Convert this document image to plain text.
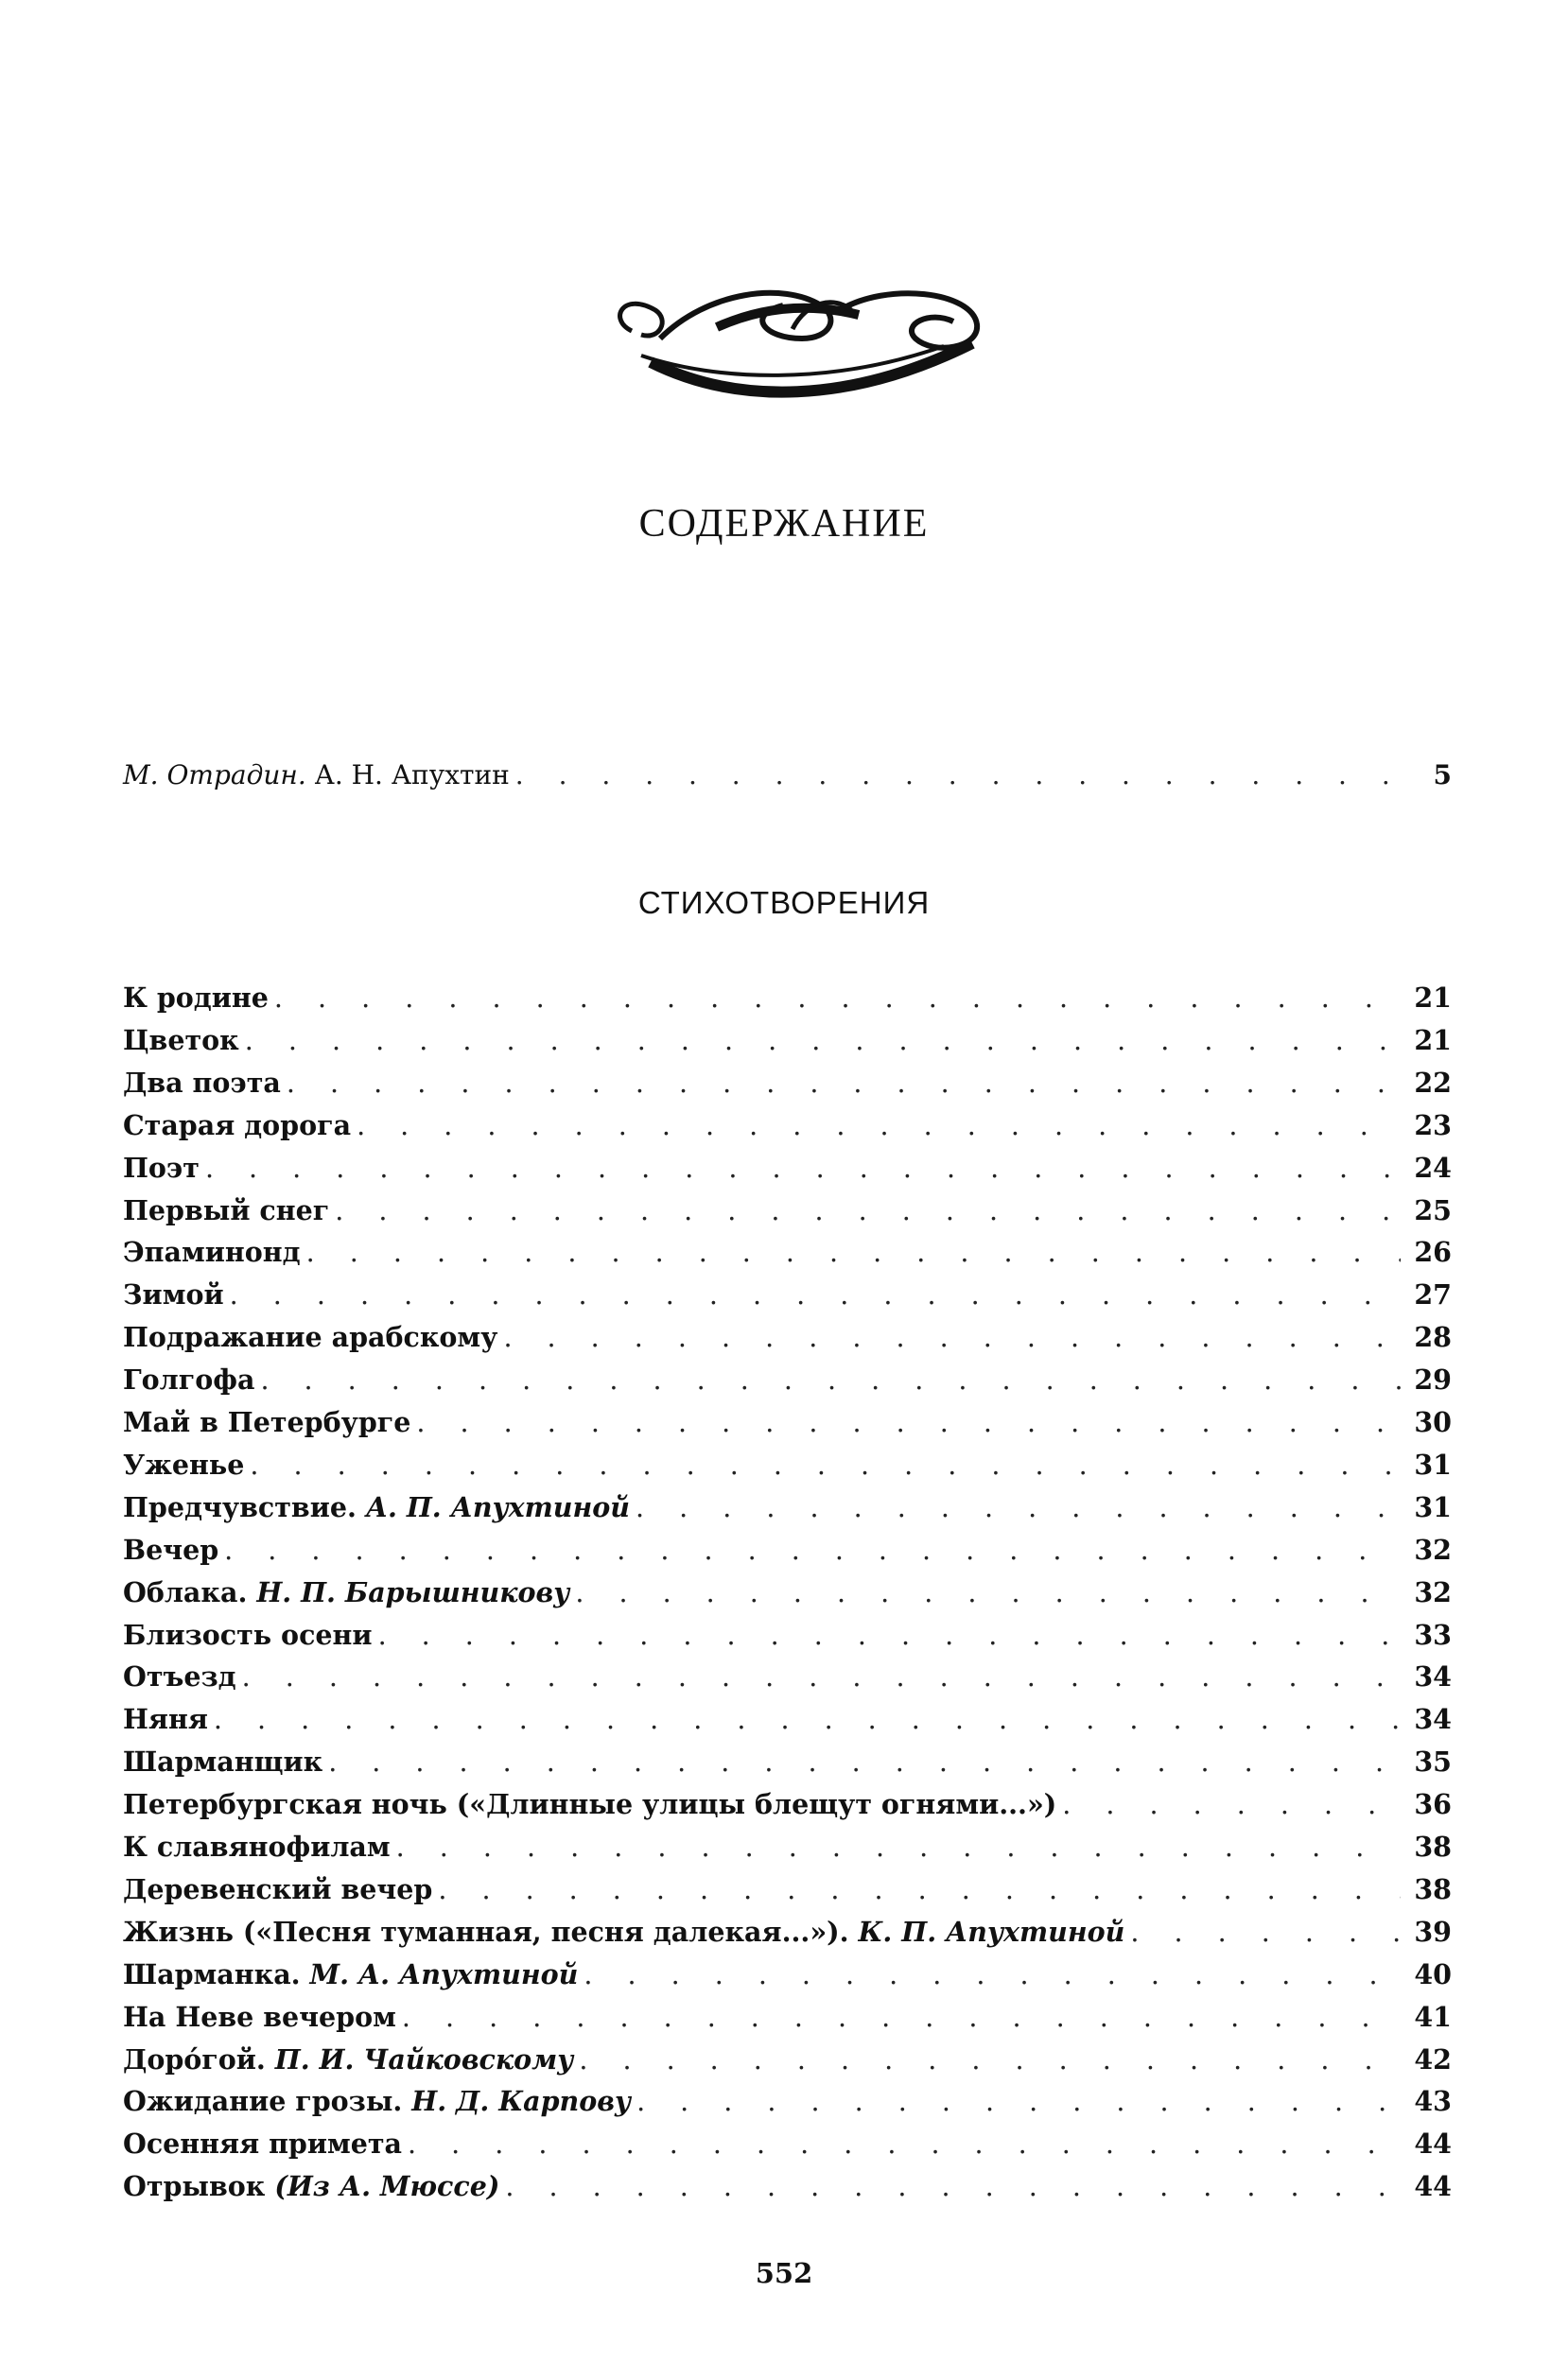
СОДЕРЖАНИЕ
М. Отрадин. А. Н. Апухтин . . .	5
СТИХОТВОРЕНИЯ
К родине . . .	21
Цветок . . .	21
Два поэта . . .	22
Старая дорога . . .	23
Поэт . . .	24
Первый снег . . .	25
Эпаминонд . . .	26
Зимой . . .	27
Подражание арабскому . . .	28
Голгофа . . .	29
Май в Петербурге . . .	30
Уженье . . .	31
Предчувствие. А. П. Апухтиной . . .	31
Вечер . . .	32
Облака. Н. П. Барышникову . . .	32
Близость осени . . .	33
Отъезд . . .	34
Няня . . .	34
Шарманщик . . .	35
Петербургская ночь («Длинные улицы блещут огнями...») . . .	36
К славянофилам . . .	38
Деревенский вечер . . .	38
Жизнь («Песня туманная, песня далекая...»). К. П. Апухтиной . . .	39
Шарманка. М. А. Апухтиной . . .	40
На Неве вечером . . .	41
Дорóгой. П. И. Чайковскому . . .	42
Ожидание грозы. Н. Д. Карпову . . .	43
Осенняя примета . . .	44
Отрывок (Из А. Мюссе) . . .	44
552
